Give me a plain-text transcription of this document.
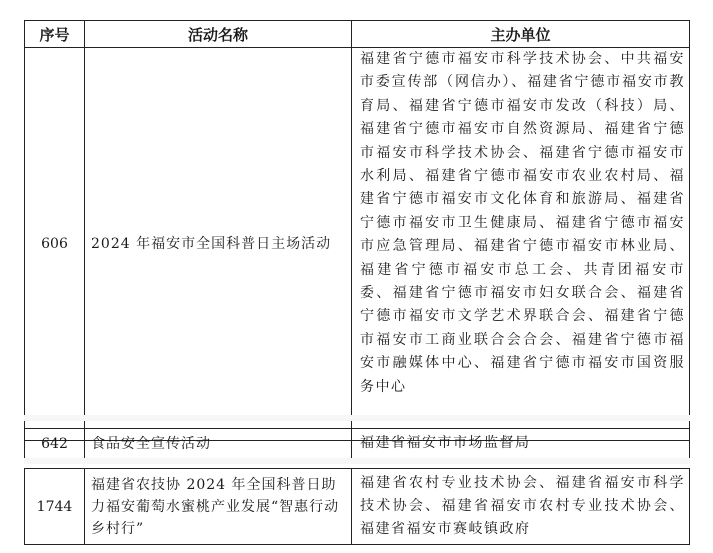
序号	活动名称	主办单位
606	2024 年福安市全国科普日主场活动	福建省宁德市福安市科学技术协会、中共福安市委宣传部（网信办）、福建省宁德市福安市教育局、福建省宁德市福安市发改（科技）局、福建省宁德市福安市自然资源局、福建省宁德市福安市科学技术协会、福建省宁德市福安市水利局、福建省宁德市福安市农业农村局、福建省宁德市福安市文化体育和旅游局、福建省宁德市福安市卫生健康局、福建省宁德市福安市应急管理局、福建省宁德市福安市林业局、福建省宁德市福安市总工会、共青团福安市委、福建省宁德市福安市妇女联合会、福建省宁德市福安市文学艺术界联合会、福建省宁德市福安市工商业联合会合会、福建省宁德市福安市融媒体中心、福建省宁德市福安市国资服务中心
642	食品安全宣传活动	福建省福安市市场监督局
1744	福建省农技协 2024 年全国科普日助力福安葡萄水蜜桃产业发展“智惠行动乡村行”	福建省农村专业技术协会、福建省福安市科学技术协会、福建省福安市农村专业技术协会、福建省福安市赛岐镇政府
